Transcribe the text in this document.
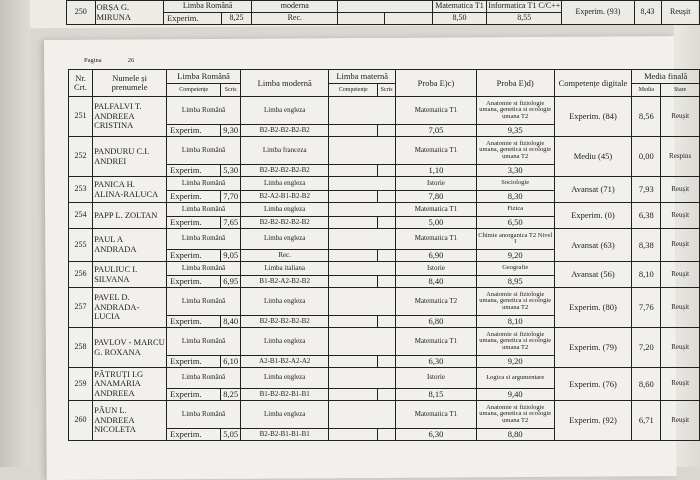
250	ORȘA G. MIRUNA	Limba Română		moderna			Matematica T1	Informatica T1 C/C++	Experim. (93)	8,43	Reușit
		Experim.	8,25	Rec.			8,50	8,55			
Pagina	26
Nr. Crt.	Numele și prenumele	Limba Română		Limba modernă	Limba maternă		Proba E)c)	Proba E)d)	Competențe digitale	Media finală	
		Competențe	Scris		Competențe	Scris				Media	Stare
251	PALFALVI T. ANDREEA CRISTINA	Limba Română		Limba engleza			Matematica T1	Anatomie si fiziologie umana, genetica si ecologie umana T2	Experim. (84)	8,56	Reușit
		Experim.	9,30	B2-B2-B2-B2-B2			7,05	9,35			
252	PANDURU C.I. ANDREI	Limba Română		Limba franceza			Matematica T1	Anatomie si fiziologie umana, genetica si ecologie umana T2	Mediu (45)	0,00	Respins
		Experim.	5,30	B2-B2-B2-B2-B2			1,10	3,30			
253	PANICA H. ALINA-RALUCA	Limba Română		Limba engleza			Istorie	Sociologie	Avansat (71)	7,93	Reușit
		Experim.	7,70	B2-A2-B1-B2-B2			7,80	8,30			
254	PAPP L. ZOLTAN	Limba Română		Limba engleza			Matematica T1	Fizica	Experim. (0)	6,38	Reușit
		Experim.	7,65	B2-B2-B2-B2-B2			5,00	6,50			
255	PAUL A ANDRADA	Limba Română		Limba engleza			Matematica T1	Chimie anorganica T2 Nivel I	Avansat (63)	8,38	Reușit
		Experim.	9,05	Rec.			6,90	9,20			
256	PAULIUC I. SILVANA	Limba Română		Limba italiana			Istorie	Geografie	Avansat (56)	8,10	Reușit
		Experim.	6,95	B1-B2-A2-B2-B2			8,40	8,95			
257	PAVEL D. ANDRADA-LUCIA	Limba Română		Limba engleza			Matematica T2	Anatomie si fiziologie umana, genetica si ecologie umana T2	Experim. (80)	7,76	Reușit
		Experim.	8,40	B2-B2-B2-B2-B2			6,80	8,10			
258	PAVLOV - MARCU G. ROXANA	Limba Română		Limba engleza			Matematica T1	Anatomie si fiziologie umana, genetica si ecologie umana T2	Experim. (79)	7,20	Reușit
		Experim.	6,10	A2-B1-B2-A2-A2			6,30	9,20			
259	PĂTRUȚI I.G ANAMARIA ANDREEA	Limba Română		Limba engleza			Istorie	Logica si argumentare	Experim. (76)	8,60	Reușit
		Experim.	8,25	B1-B2-B2-B1-B1			8,15	9,40			
260	PĂUN L. ANDREEA NICOLETA	Limba Română		Limba engleza			Matematica T1	Anatomie si fiziologie umana, genetica si ecologie umana T2	Experim. (92)	6,71	Reușit
		Experim.	5,05	B2-B2-B1-B1-B1			6,30	8,80			
